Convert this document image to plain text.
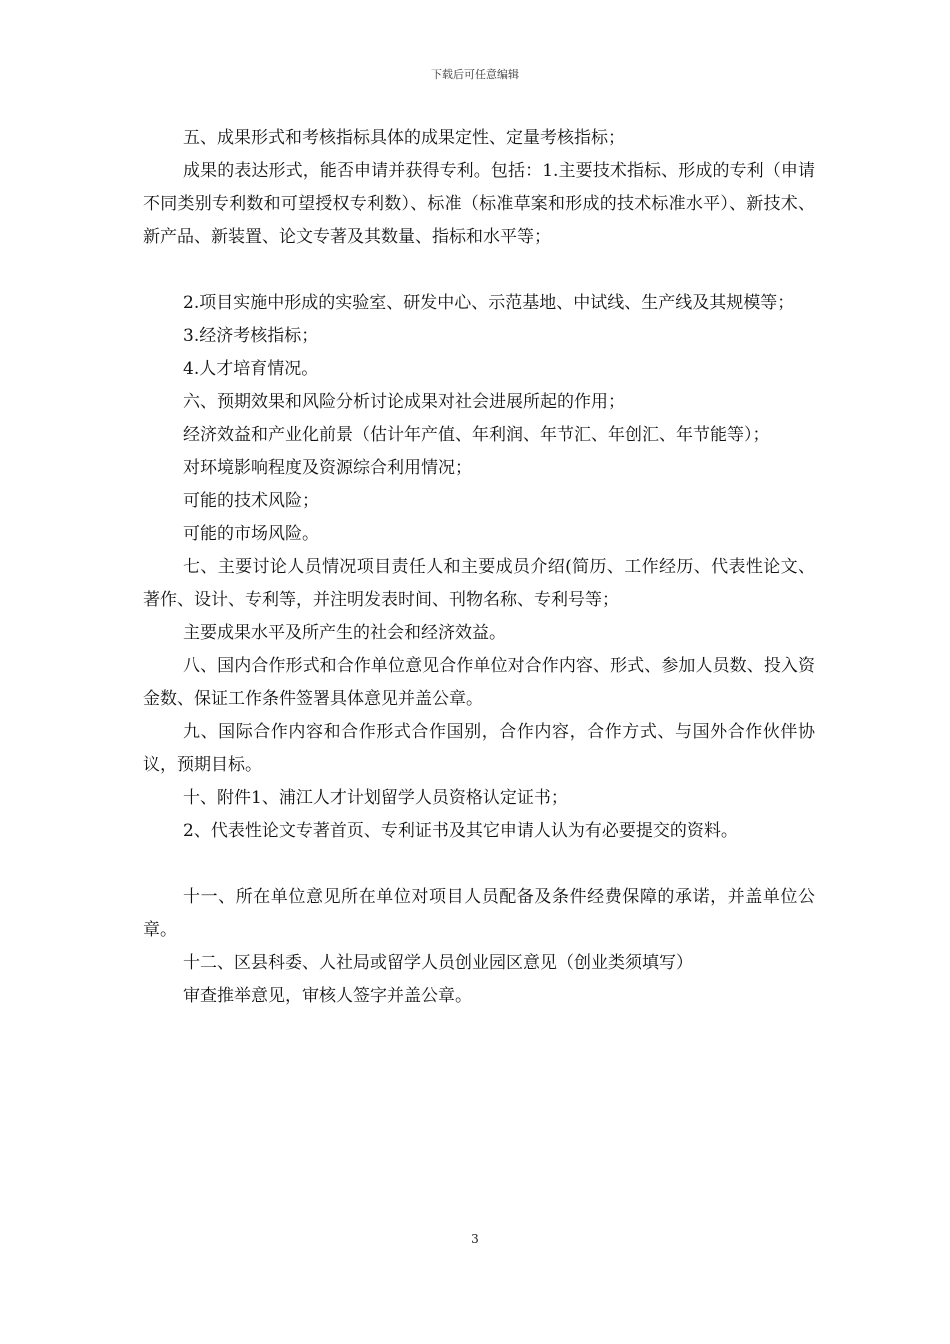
下载后可任意编辑

五、成果形式和考核指标具体的成果定性、定量考核指标；

成果的表达形式，能否申请并获得专利。包括：1.主要技术指标、形成的专利（申请不同类别专利数和可望授权专利数）、标准（标准草案和形成的技术标准水平）、新技术、新产品、新装置、论文专著及其数量、指标和水平等；

2.项目实施中形成的实验室、研发中心、示范基地、中试线、生产线及其规模等；

3.经济考核指标；

4.人才培育情况。

六、预期效果和风险分析讨论成果对社会进展所起的作用；

经济效益和产业化前景（估计年产值、年利润、年节汇、年创汇、年节能等）；

对环境影响程度及资源综合利用情况；

可能的技术风险；

可能的市场风险。

七、主要讨论人员情况项目责任人和主要成员介绍(简历、工作经历、代表性论文、著作、设计、专利等，并注明发表时间、刊物名称、专利号等；

主要成果水平及所产生的社会和经济效益。

八、国内合作形式和合作单位意见合作单位对合作内容、形式、参加人员数、投入资金数、保证工作条件签署具体意见并盖公章。

九、国际合作内容和合作形式合作国别，合作内容，合作方式、与国外合作伙伴协议，预期目标。

十、附件1、浦江人才计划留学人员资格认定证书；

2、代表性论文专著首页、专利证书及其它申请人认为有必要提交的资料。

十一、所在单位意见所在单位对项目人员配备及条件经费保障的承诺，并盖单位公章。

十二、区县科委、人社局或留学人员创业园区意见（创业类须填写）

审查推举意见，审核人签字并盖公章。

3
